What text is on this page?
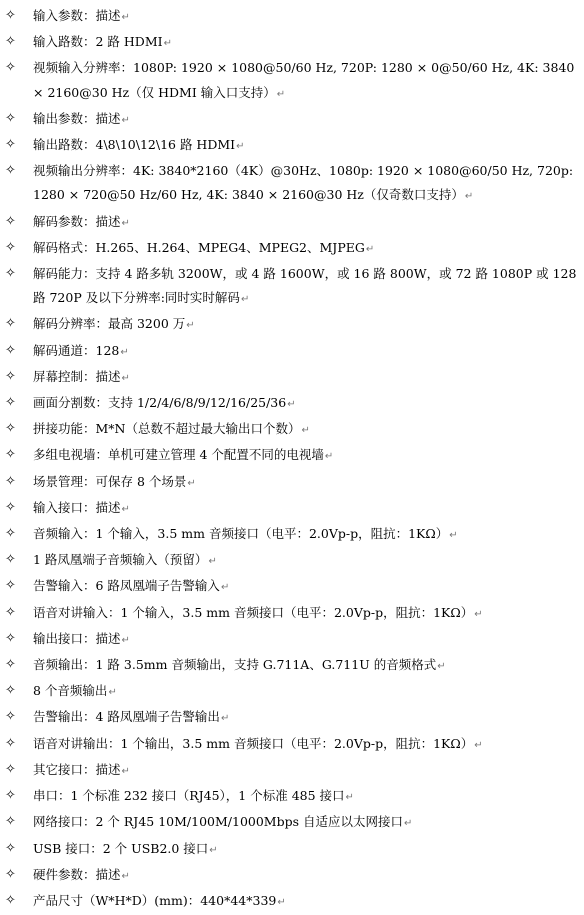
✧	输入参数：描述↵
✧	输入路数：2 路 HDMI↵
✧	视频输入分辨率：1080P: 1920 × 1080@50/60 Hz, 720P: 1280 × 0@50/60 Hz, 4K: 3840 × 2160@30 Hz（仅 HDMI 输入口支持）↵
✧	输出参数：描述↵
✧	输出路数：4\8\10\12\16 路 HDMI↵
✧	视频输出分辨率：4K: 3840*2160（4K）@30Hz、1080p: 1920 × 1080@60/50 Hz, 720p: 1280 × 720@50 Hz/60 Hz, 4K: 3840 × 2160@30 Hz（仅奇数口支持）↵
✧	解码参数：描述↵
✧	解码格式：H.265、H.264、MPEG4、MPEG2、MJPEG↵
✧	解码能力：支持 4 路多轨 3200W，或 4 路 1600W，或 16 路 800W，或 72 路 1080P 或 128 路 720P 及以下分辨率:同时实时解码↵
✧	解码分辨率：最高 3200 万↵
✧	解码通道：128↵
✧	屏幕控制：描述↵
✧	画面分割数：支持 1/2/4/6/8/9/12/16/25/36↵
✧	拼接功能：M*N（总数不超过最大输出口个数）↵
✧	多组电视墙：单机可建立管理 4 个配置不同的电视墙↵
✧	场景管理：可保存 8 个场景↵
✧	输入接口：描述↵
✧	音频输入：1 个输入，3.5 mm 音频接口（电平：2.0Vp-p，阻抗：1KΩ）↵
✧	1 路凤凰端子音频输入（预留）↵
✧	告警输入：6 路凤凰端子告警输入↵
✧	语音对讲输入：1 个输入，3.5 mm 音频接口（电平：2.0Vp-p，阻抗：1KΩ）↵
✧	输出接口：描述↵
✧	音频输出：1 路 3.5mm 音频输出，支持 G.711A、G.711U 的音频格式↵
✧	8 个音频输出↵
✧	告警输出：4 路凤凰端子告警输出↵
✧	语音对讲输出：1 个输出，3.5 mm 音频接口（电平：2.0Vp-p，阻抗：1KΩ）↵
✧	其它接口：描述↵
✧	串口：1 个标准 232 接口（RJ45），1 个标准 485 接口↵
✧	网络接口：2 个 RJ45 10M/100M/1000Mbps 自适应以太网接口↵
✧	USB 接口：2 个 USB2.0 接口↵
✧	硬件参数：描述↵
✧	产品尺寸（W*H*D）(mm)：440*44*339↵
